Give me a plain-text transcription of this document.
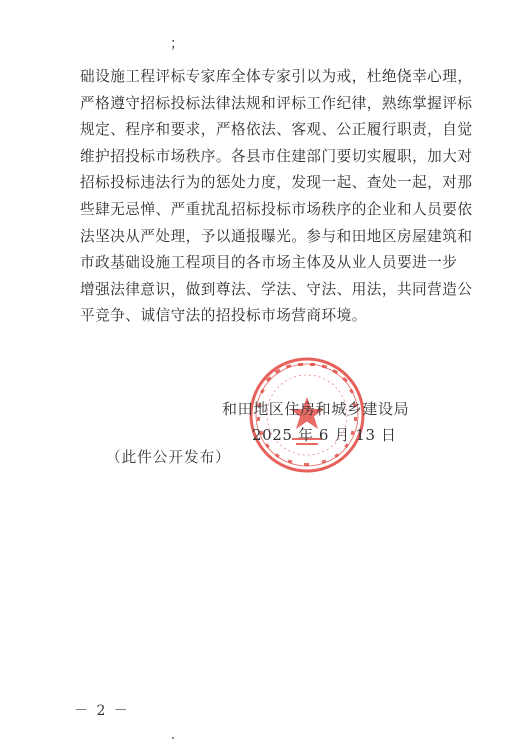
；
础设施工程评标专家库全体专家引以为戒，杜绝侥幸心理，
严格遵守招标投标法律法规和评标工作纪律，熟练掌握评标
规定、程序和要求，严格依法、客观、公正履行职责，自觉
维护招投标市场秩序。各县市住建部门要切实履职，加大对
招标投标违法行为的惩处力度，发现一起、查处一起，对那
些肆无忌惮、严重扰乱招标投标市场秩序的企业和人员要依
法坚决从严处理，予以通报曝光。参与和田地区房屋建筑和
市政基础设施工程项目的各市场主体及从业人员要进一步
增强法律意识，做到尊法、学法、守法、用法，共同营造公
平竞争、诚信守法的招投标市场营商环境。
和田地区住房和城乡建设局
2025 年 6 月 13 日
（此件公开发布）
－ 2 －
